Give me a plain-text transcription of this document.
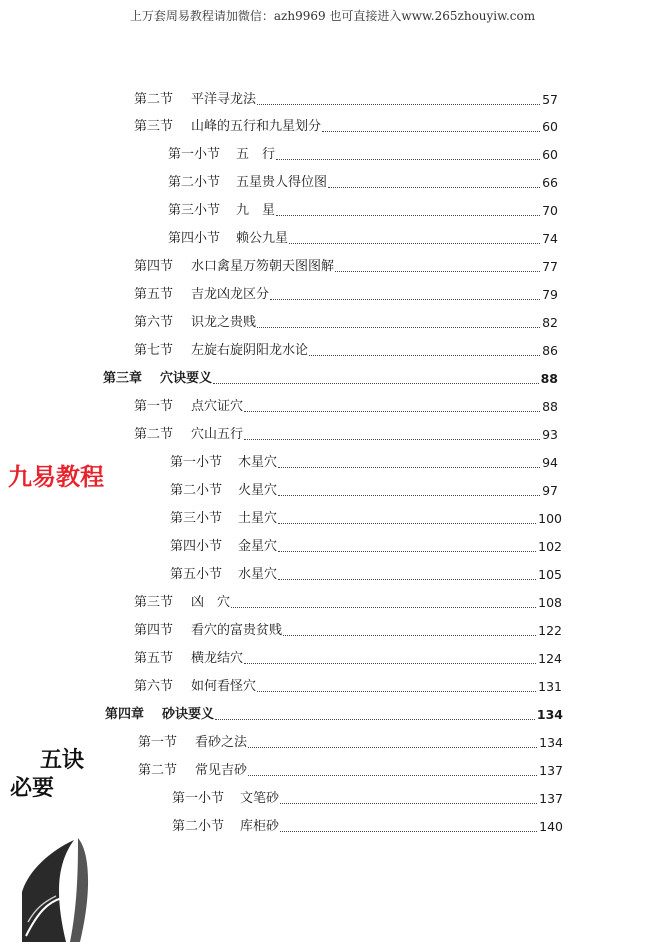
上万套周易教程请加微信：azh9969 也可直接进入www.265zhouyiw.com
第二节 平洋寻龙法	57
第三节 山峰的五行和九星划分	60
第一小节 五　行	60
第二小节 五星贵人得位图	66
第三小节 九　星	70
第四小节 赖公九星	74
第四节 水口禽星万笏朝天图图解	77
第五节 吉龙凶龙区分	79
第六节 识龙之贵贱	82
第七节 左旋右旋阴阳龙水论	86
第三章 穴诀要义	88
第一节 点穴证穴	88
第二节 穴山五行	93
第一小节 木星穴	94
第二小节 火星穴	97
第三小节 土星穴	100
第四小节 金星穴	102
第五小节 水星穴	105
第三节 凶　穴	108
第四节 看穴的富贵贫贱	122
第五节 横龙结穴	124
第六节 如何看怪穴	131
第四章 砂诀要义	134
第一节 看砂之法	134
第二节 常见吉砂	137
第一小节 文笔砂	137
第二小节 库柜砂	140
九易教程
五诀
必要
